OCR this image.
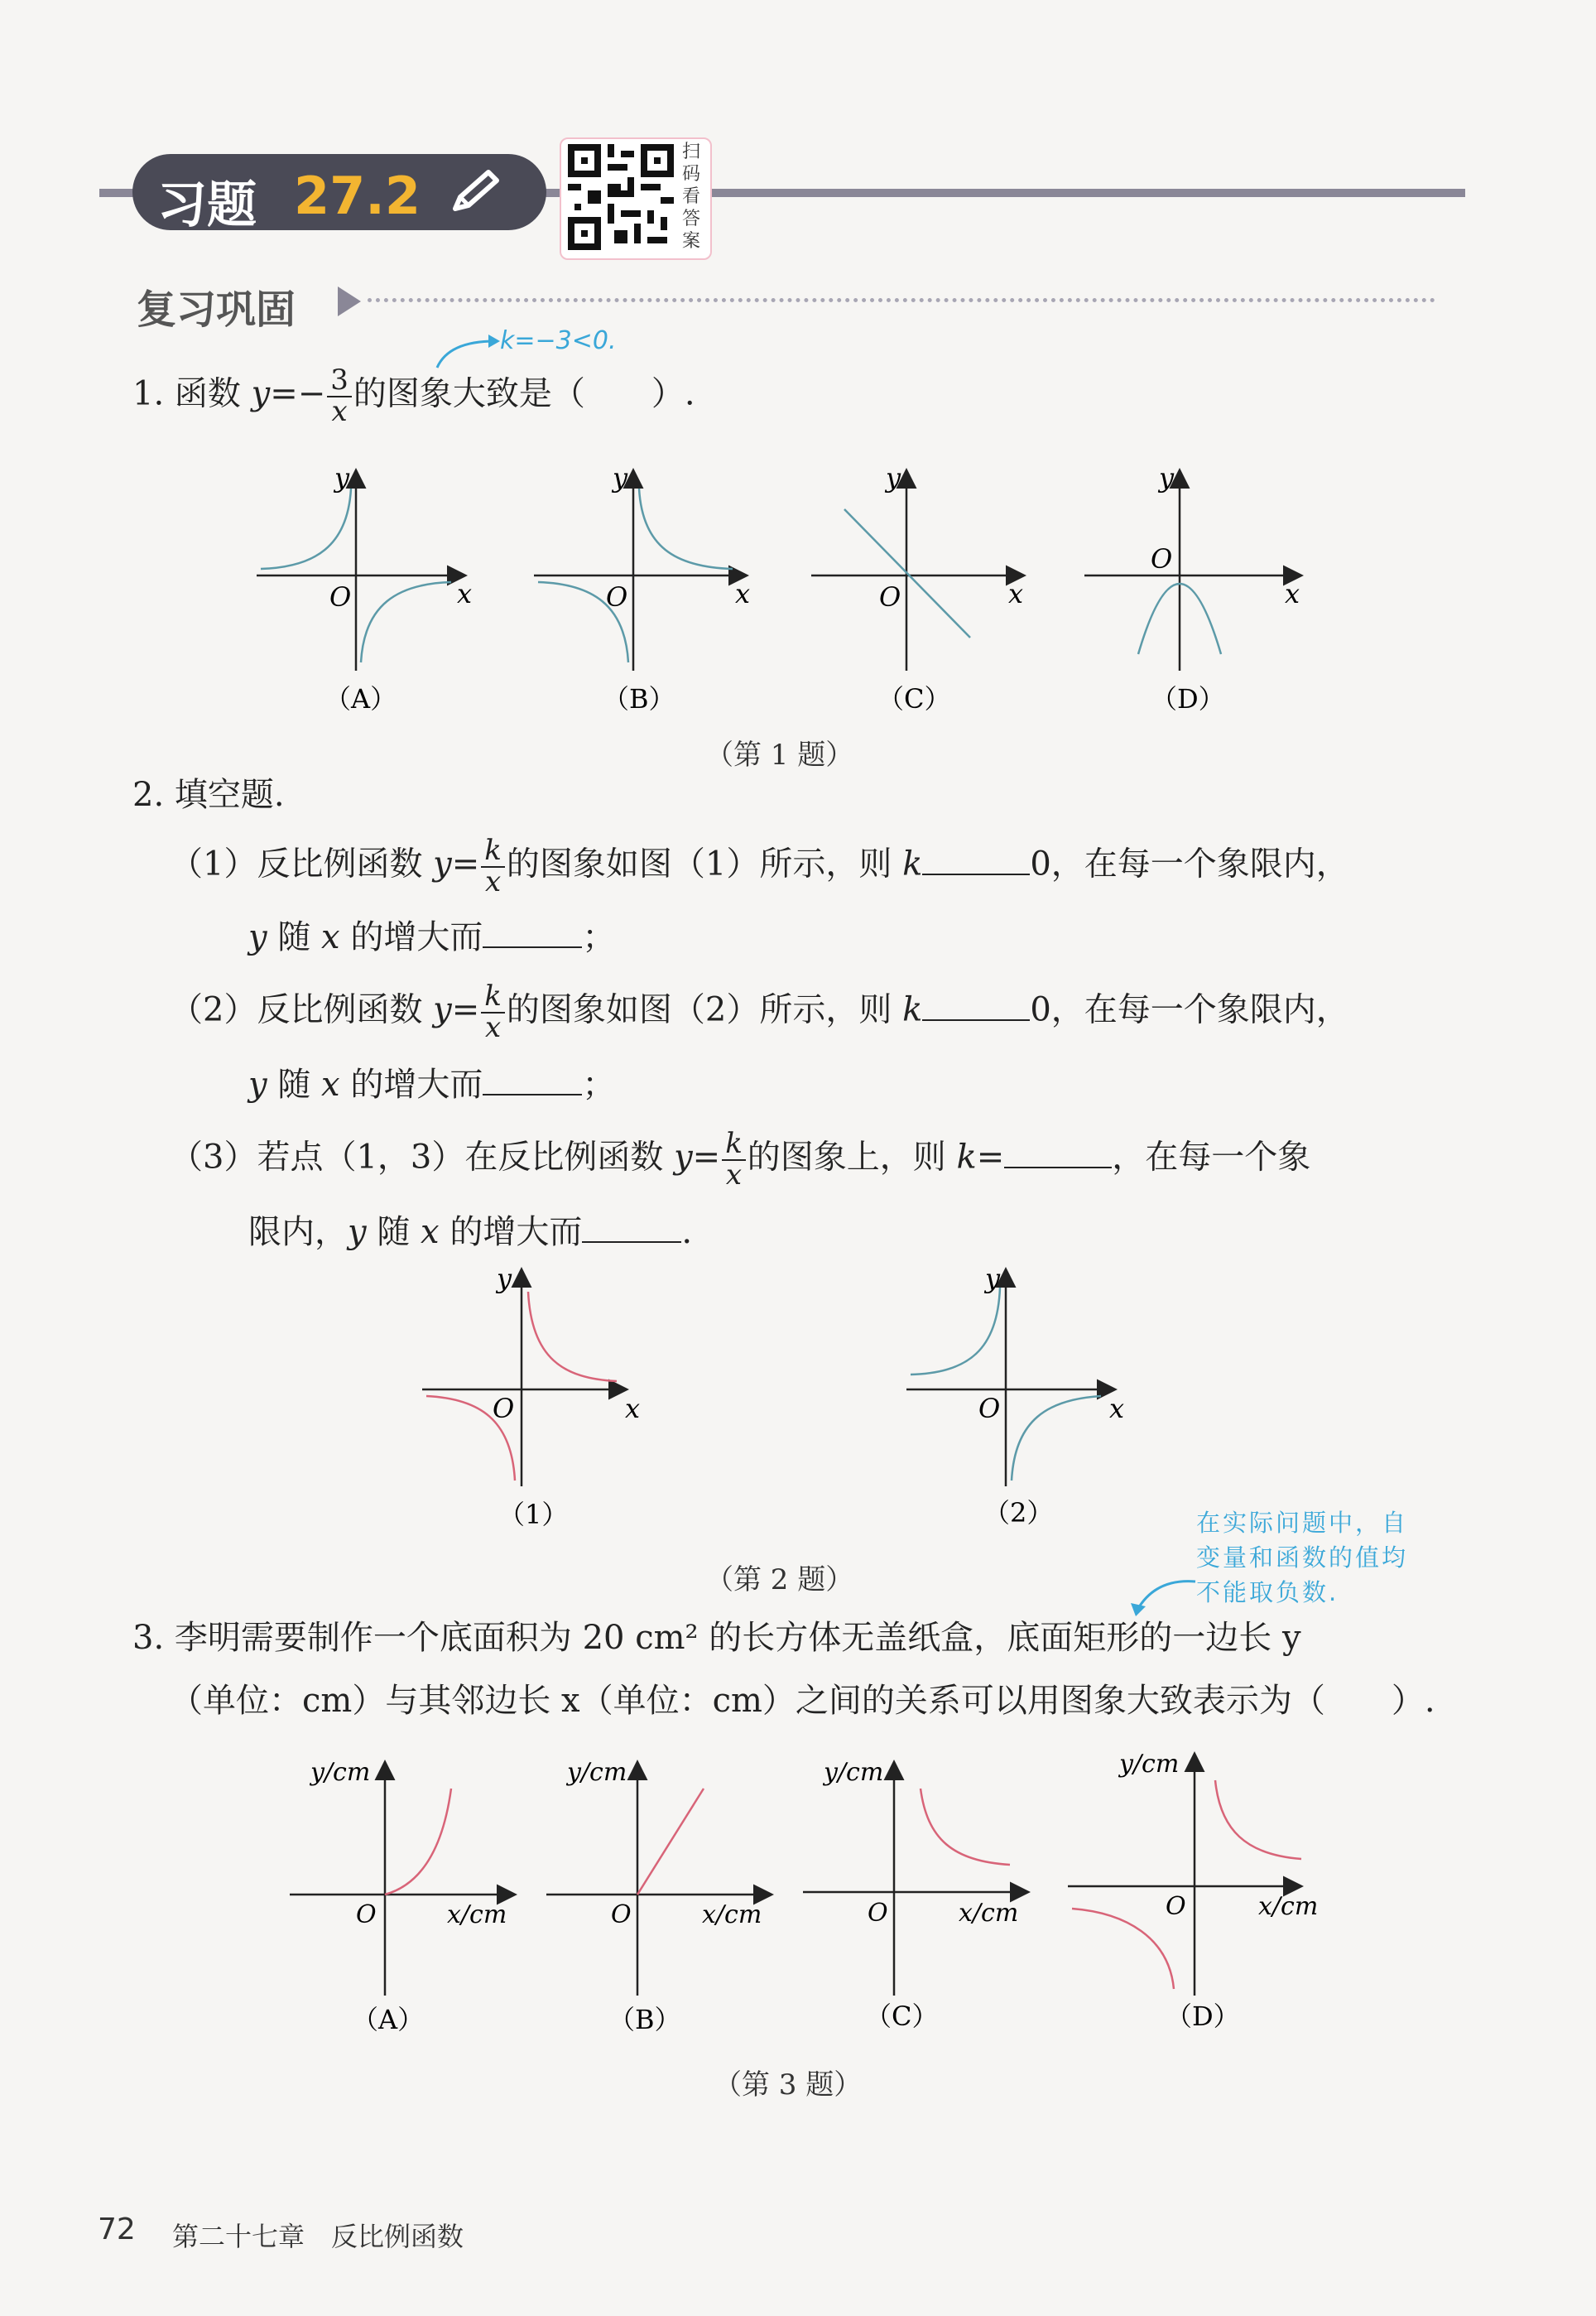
习题 27.2
扫
码
看
答
案
复习巩固
k=−3<0.
1. 函数 $y=- \frac{3}{x}$ 的图象大致是（　　）.
O	x
y
O	x
y
O	x
y
O
x
y
（A）	（B）	（C）	（D）
（第 1 题）
2. 填空题.
（1）反比例函数 $y= \frac{k}{x}$ 的图象如图（1）所示，则 k	0，在每一个象限内，
y 随 x 的增大而	；
（2）反比例函数 $y= \frac{k}{x}$ 的图象如图（2）所示，则 k	0，在每一个象限内，
y 随 x 的增大而	；
（3）若点（1，3）在反比例函数 $y= \frac{k}{x}$ 的图象上，则 k=	，在每一个象
限内，y 随 x 的增大而	.
O	x
y
（1）
O	x
y
（2）
（第 2 题）
在实际问题中，自
变量和函数的值均
不能取负数.
3. 李明需要制作一个底面积为 20 cm² 的长方体无盖纸盒，底面矩形的一边长 y
（单位：cm）与其邻边长 x（单位：cm）之间的关系可以用图象大致表示为（　　）.
O	x/cm
y/cm
（A）
O	x/cm
y/cm
（B）
O	x/cm
y/cm
（C）
O	x/cm
y/cm
（D）
（第 3 题）
72 第二十七章　反比例函数
